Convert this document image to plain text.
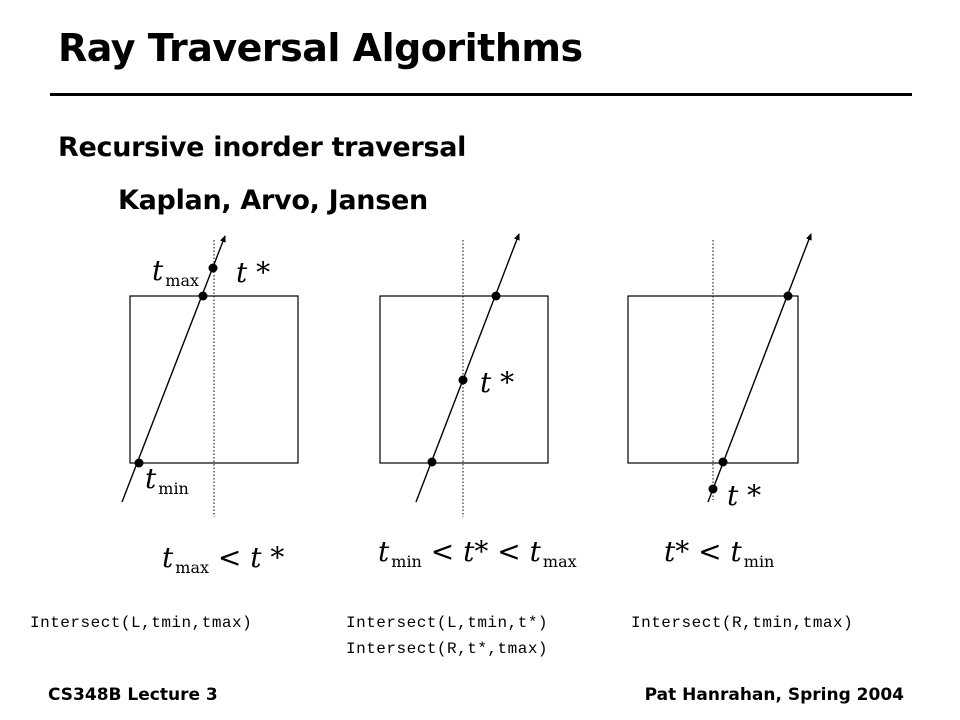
Ray Traversal Algorithms
Recursive inorder traversal
Kaplan, Arvo, Jansen
t $_{max}$ t *
t $_{min}$
t $_{max}$ < t *
t *
t $_{min}$ < t* < t $_{max}$
t *
t* < t $_{min}$
Intersect(L,tmin,tmax)	Intersect(L,tmin,t*)
Intersect(R,t*,tmax)
Intersect(R,tmin,tmax)
CS348B Lecture 3	Pat Hanrahan, Spring 2004
